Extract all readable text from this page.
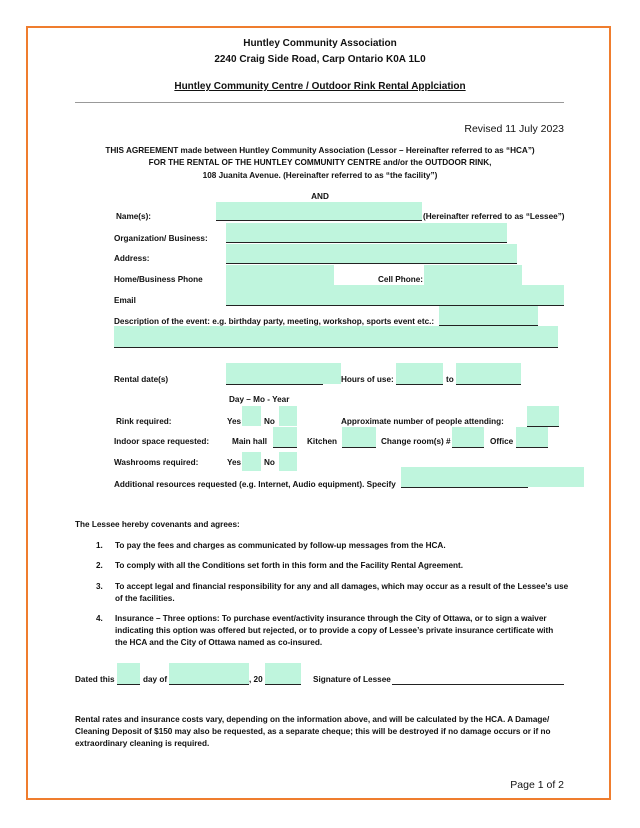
Huntley Community Association
2240 Craig Side Road, Carp Ontario K0A 1L0
Huntley Community Centre / Outdoor Rink Rental Applciation
Revised 11 July 2023
THIS AGREEMENT made between Huntley Community Association (Lessor – Hereinafter referred to as “HCA”)
FOR THE RENTAL OF THE HUNTLEY COMMUNITY CENTRE and/or the OUTDOOR RINK,
108 Juanita Avenue. (Hereinafter referred to as “the facility”)
AND
Name(s):	(Hereinafter referred to as “Lessee”)
Organization/ Business:
Address:
Home/Business Phone	Cell Phone:
Email
Description of the event: e.g. birthday party, meeting, workshop, sports event etc.:
Rental date(s)	Hours of use:	to
Day – Mo - Year
Rink required:	Yes	No	Approximate number of people attending:
Indoor space requested:	Main hall	Kitchen	Change room(s) #	Office
Washrooms required:	Yes	No
Additional resources requested (e.g. Internet, Audio equipment). Specify
The Lessee hereby covenants and agrees:
1. To pay the fees and charges as communicated by follow-up messages from the HCA.
2. To comply with all the Conditions set forth in this form and the Facility Rental Agreement.
3. To accept legal and financial responsibility for any and all damages, which may occur as a result of the Lessee’s use
of the facilities.
4. Insurance – Three options: To purchase event/activity insurance through the City of Ottawa, or to sign a waiver
indicating this option was offered but rejected, or to provide a copy of Lessee’s private insurance certificate with
the HCA and the City of Ottawa named as co-insured.
Dated this	day of	, 20	Signature of Lessee
Rental rates and insurance costs vary, depending on the information above, and will be calculated by the HCA. A Damage/
Cleaning Deposit of $150 may also be requested, as a separate cheque; this will be destroyed if no damage occurs or if no
extraordinary cleaning is required.
Page 1 of 2
